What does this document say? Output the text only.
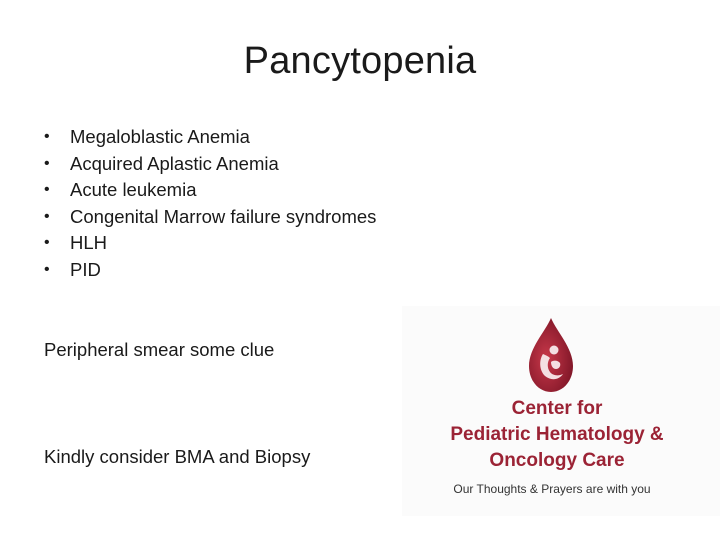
Pancytopenia
• Megaloblastic Anemia
• Acquired Aplastic Anemia
• Acute leukemia
• Congenital Marrow failure syndromes
• HLH
• PID

Peripheral smear some clue

Kindly consider BMA and Biopsy

Center for
Pediatric Hematology &
Oncology Care
Our Thoughts & Prayers are with you
